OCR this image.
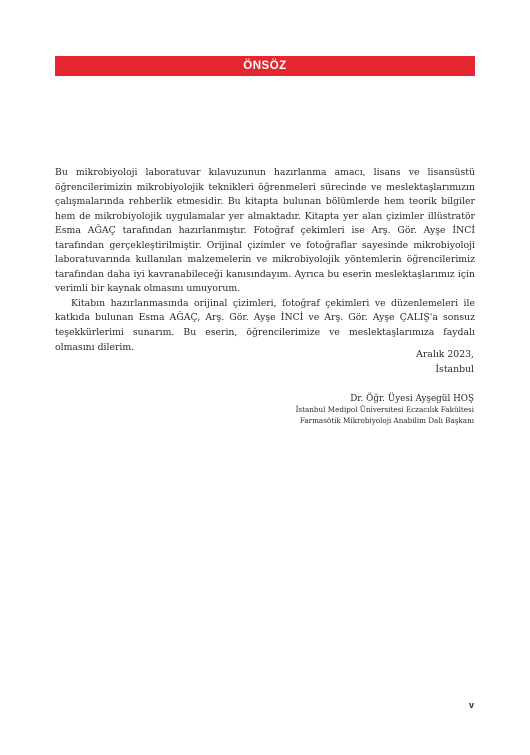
ÖNSÖZ

Bu mikrobiyoloji laboratuvar kılavuzunun hazırlanma amacı, lisans ve lisansüstü öğrencilerimizin mikrobiyolojik teknikleri öğrenmeleri sürecinde ve meslektaşlarımızın çalışmalarında rehberlik etmesidir. Bu kitapta bulunan bölümlerde hem teorik bilgiler hem de mikrobiyolojik uygulamalar yer almaktadır. Kitapta yer alan çizimler illüstratör Esma AĞAÇ tarafından hazırlanmıştır. Fotoğraf çekimleri ise Arş. Gör. Ayşe İNCİ tarafından gerçekleştirilmiştir. Orijinal çizimler ve fotoğraflar sayesinde mikrobiyoloji laboratuvarında kullanılan malzemelerin ve mikrobiyolojik yöntemlerin öğrencilerimiz tarafından daha iyi kavranabileceği kanısındayım. Ayrıca bu eserin meslektaşlarımız için verimli bir kaynak olmasını umuyorum.

Kitabın hazırlanmasında orijinal çizimleri, fotoğraf çekimleri ve düzenlemeleri ile katkıda bulunan Esma AĞAÇ, Arş. Gör. Ayşe İNCİ ve Arş. Gör. Ayşe ÇALIŞ'a sonsuz teşekkürlerimi sunarım. Bu eserin, öğrencilerimize ve meslektaşlarımıza faydalı olmasını dilerim.

Aralık 2023,
İstanbul
Dr. Öğr. Üyesi Ayşegül HOŞ
İstanbul Medipol Üniversitesi Eczacılık Fakültesi
Farmasötik Mikrobiyoloji Anabilim Dalı Başkanı
v
